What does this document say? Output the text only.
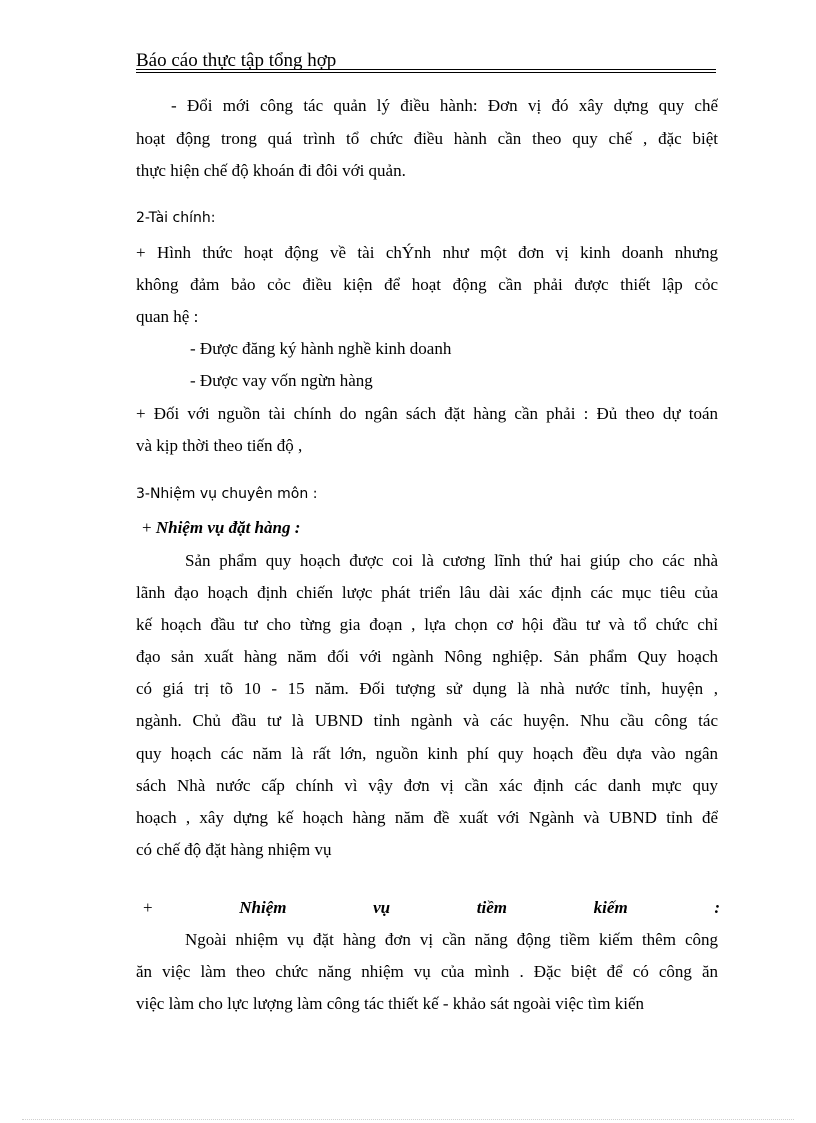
Báo cáo thực tập tổng hợp
- Đổi mới công tác quản lý điều hành: Đơn vị đó xây dựng quy chế
hoạt động trong quá trình tổ chức điều hành cần theo quy chế , đặc biệt
thực hiện chế độ khoán đi đôi với quản.
2-Tài chính:
+ Hình thức hoạt động về tài chÝnh như một đơn vị kinh doanh nhưng
không đảm bảo cỏc điều kiện để hoạt động cần phải được thiết lập cỏc
quan hệ :
- Được đăng ký hành nghề kinh doanh
- Được vay vốn ngừn hàng
+ Đối với nguồn tài chính do ngân sách đặt hàng cần phải : Đủ theo dự toán
và kịp thời theo tiến độ ,
3-Nhiệm vụ chuyên môn :
+ Nhiệm vụ đặt hàng :
Sản phẩm quy hoạch được coi là cương lĩnh thứ hai giúp cho các nhà
lãnh đạo hoạch định chiến lược phát triển lâu dài xác định các mục tiêu của
kế hoạch đầu tư cho từng gia đoạn , lựa chọn cơ hội đầu tư và tổ chức chỉ
đạo sản xuất hàng năm đối với ngành Nông nghiệp. Sản phẩm Quy hoạch
có giá trị tõ 10 - 15 năm. Đối tượng sử dụng là nhà nước tỉnh, huyện ,
ngành. Chủ đầu tư là UBND tỉnh ngành và các huyện. Nhu cầu công tác
quy hoạch các năm là rất lớn, nguồn kinh phí quy hoạch đều dựa vào ngân
sách Nhà nước cấp chính vì vậy đơn vị cần xác định các danh mực quy
hoạch , xây dựng kế hoạch hàng năm đề xuất với Ngành và UBND tỉnh để
có chế độ đặt hàng nhiệm vụ
+	Nhiệm	vụ	tiềm	kiếm	:
Ngoài nhiệm vụ đặt hàng đơn vị cần năng động tiềm kiếm thêm công
ăn việc làm theo chức năng nhiệm vụ của mình . Đặc biệt để có công ăn
việc làm cho lực lượng làm công tác thiết kế - khảo sát ngoài việc tìm kiến
